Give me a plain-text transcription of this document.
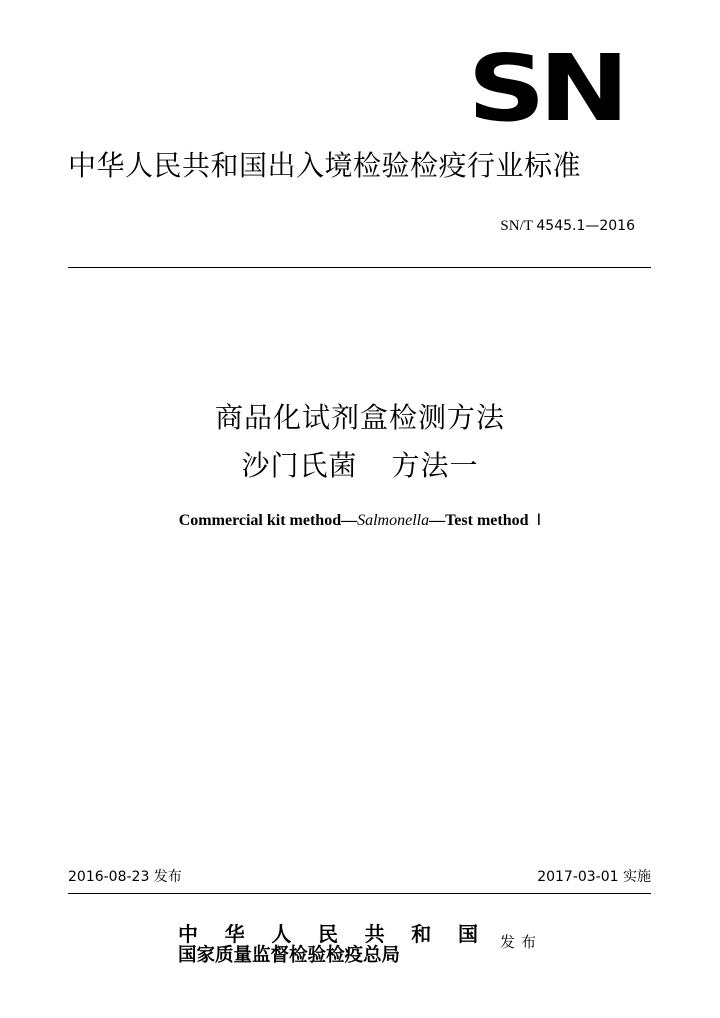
SN
中华人民共和国出入境检验检疫行业标准
SN/T 4545.1—2016
商品化试剂盒检测方法
沙门氏菌 方法一
Commercial kit method—Salmonella—Test method Ⅰ
2016-08-23 发布	2017-03-01 实施
中 华 人 民 共 和 国
国家质量监督检验检疫总局
发布
